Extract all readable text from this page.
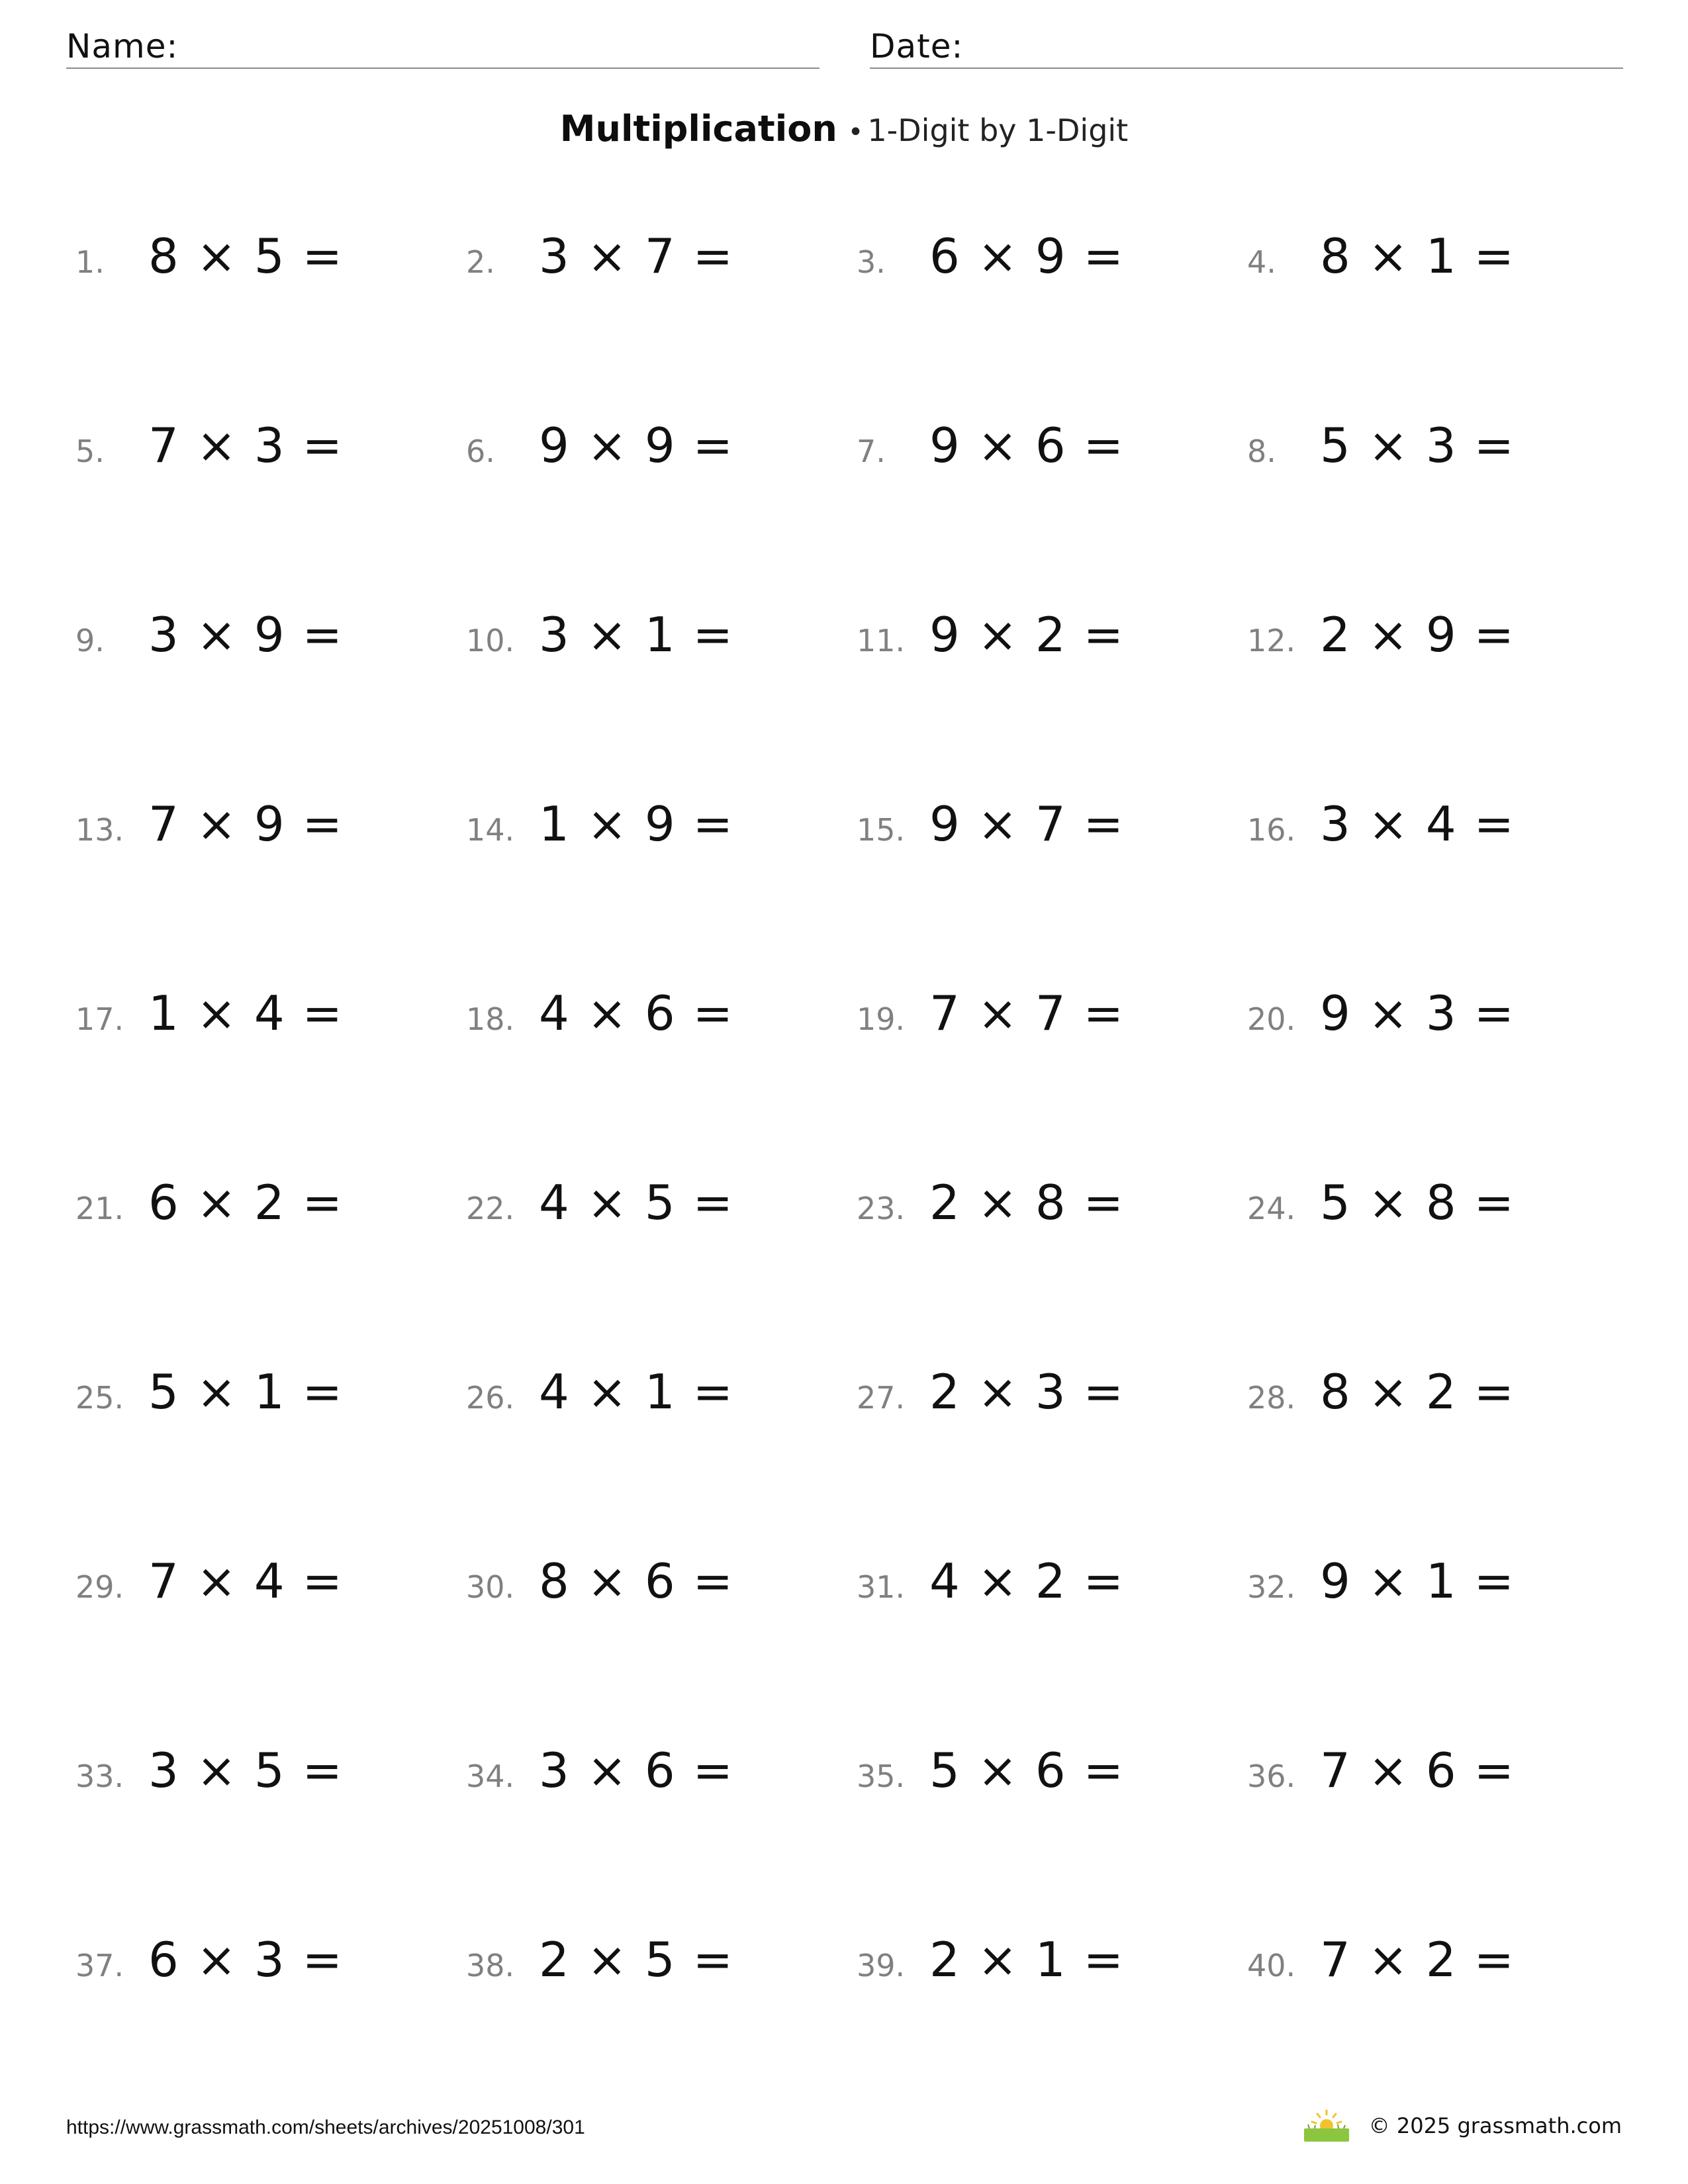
Name:	Date:
Multiplication • 1-Digit by 1-Digit
1. 8 × 5 =	2. 3 × 7 =	3. 6 × 9 =	4. 8 × 1 =
5. 7 × 3 =	6. 9 × 9 =	7. 9 × 6 =	8. 5 × 3 =
9. 3 × 9 =	10. 3 × 1 =	11. 9 × 2 =	12. 2 × 9 =
13. 7 × 9 =	14. 1 × 9 =	15. 9 × 7 =	16. 3 × 4 =
17. 1 × 4 =	18. 4 × 6 =	19. 7 × 7 =	20. 9 × 3 =
21. 6 × 2 =	22. 4 × 5 =	23. 2 × 8 =	24. 5 × 8 =
25. 5 × 1 =	26. 4 × 1 =	27. 2 × 3 =	28. 8 × 2 =
29. 7 × 4 =	30. 8 × 6 =	31. 4 × 2 =	32. 9 × 1 =
33. 3 × 5 =	34. 3 × 6 =	35. 5 × 6 =	36. 7 × 6 =
37. 6 × 3 =	38. 2 × 5 =	39. 2 × 1 =	40. 7 × 2 =
https://www.grassmath.com/sheets/archives/20251008/301	© 2025 grassmath.com
